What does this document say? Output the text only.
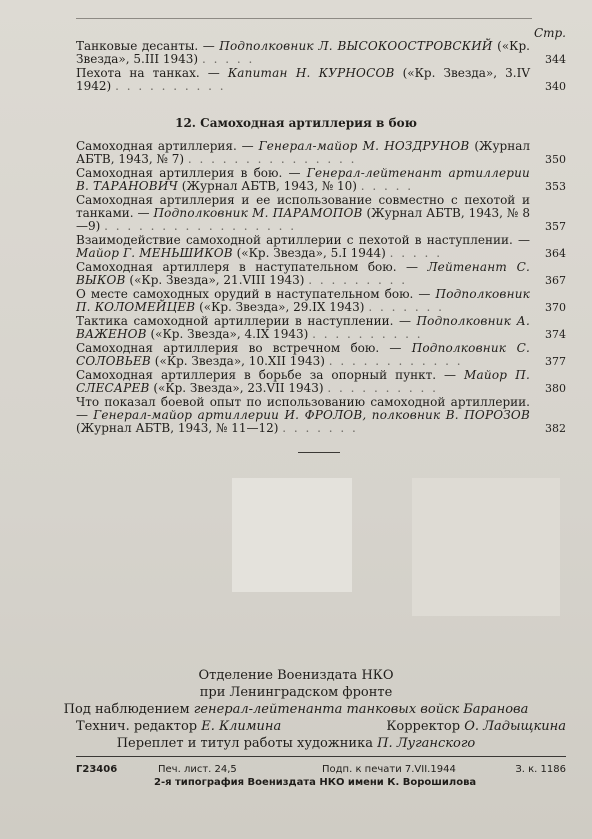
Стр.
Танковые десанты. — Подполковник Л. ВЫСОКООСТРОВСКИЙ («Кр. Звезда», 5.III 1943) . . . . .	344
Пехота на танках. — Капитан Н. КУРНОСОВ («Кр. Звезда», 3.IV 1942) . . . . . . . . . .	340
12. Самоходная артиллерия в бою
Самоходная артиллерия. — Генерал-майор М. НОЗДРУНОВ (Журнал АБТВ, 1943, № 7) . . . . . . . . . . . . . . .	350
Самоходная артиллерия в бою. — Генерал-лейтенант артиллерии В. ТАРАНОВИЧ (Журнал АБТВ, 1943, № 10) . . . . .	353
Самоходная артиллерия и ее использование совместно с пехотой и танками. — Подполковник М. ПАРАМОПОВ (Журнал АБТВ, 1943, № 8—9) . . . . . . . . . . . . . . . . .	357
Взаимодействие самоходной артиллерии с пехотой в наступлении. — Майор Г. МЕНЬШИКОВ («Кр. Звезда», 5.I 1944) . . . . .	364
Самоходная артиллеря в наступательном бою. — Лейтенант С. ВЫКОВ («Кр. Звезда», 21.VIII 1943) . . . . . . . . .	367
О месте самоходных орудий в наступательном бою. — Подполковник П. КОЛОМЕЙЦЕВ («Кр. Звезда», 29.IX 1943) . . . . . . .	370
Тактика самоходной артиллерии в наступлении. — Подполковник А. ВАЖЕНОВ («Кр. Звезда», 4.IX 1943) . . . . . . . . . .	374
Самоходная артиллерия во встречном бою. — Подполковник С. СОЛОВЬЕВ («Кр. Звезда», 10.XII 1943) . . . . . . . . . . . .	377
Самоходная артиллерия в борьбе за опорный пункт. — Майор П. СЛЕСАРЕВ («Кр. Звезда», 23.VII 1943) . . . . . . . . . .	380
Что показал боевой опыт по использованию самоходной артиллерии. — Генерал-майор артиллерии И. ФРОЛОВ, полковник В. ПОРОЗОВ (Журнал АБТВ, 1943, № 11—12) . . . . . . .	382
Отделение Воениздата НКО
при Ленинградском фронте
Под наблюдением генерал-лейтенанта танковых войск Баранова
Технич. редактор Е. Климина	Корректор О. Ладыщкина
Переплет и титул работы художника П. Луганского
Г23406	Печ. лист. 24,5	Подп. к печати 7.VII.1944	З. к. 1186
2-я типография Воениздата НКО имени К. Ворошилова
